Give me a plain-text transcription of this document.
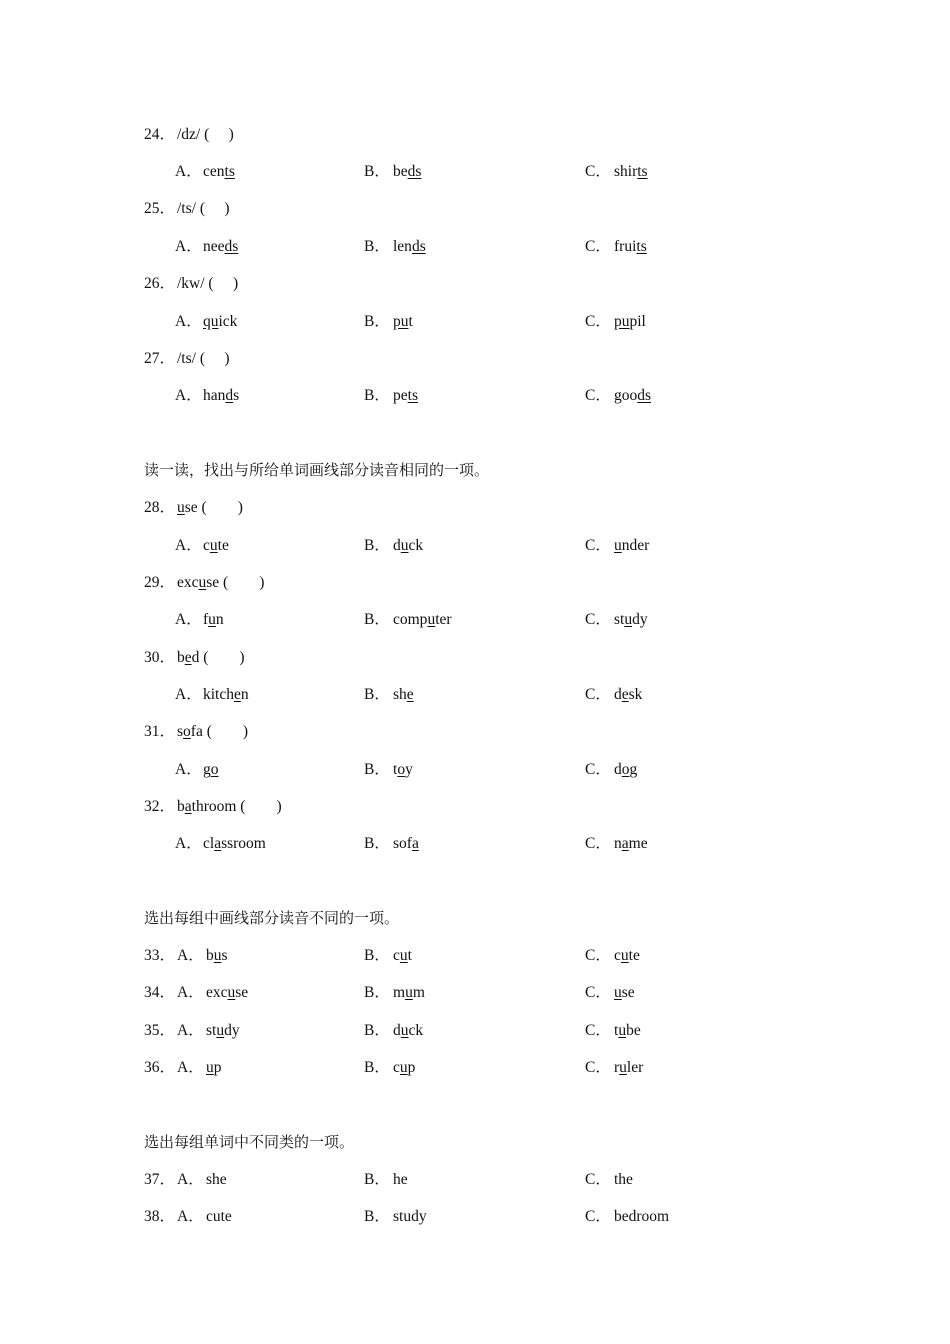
24． /dz/ (　 )
A． cents	B． beds	C． shirts
25． /ts/ (　 )
A． needs	B． lends	C． fruits
26． /kw/ (　 )
A． quick	B． put	C． pupil
27． /ts/ (　 )
A． hands	B． pets	C． goods
读一读，找出与所给单词画线部分读音相同的一项。
28． use (　　)
A． cute	B． duck	C． under
29． excuse (　　)
A． fun	B． computer	C． study
30． bed (　　)
A． kitchen	B． she	C． desk
31． sofa (　　)
A． go	B． toy	C． dog
32． bathroom (　　)
A． classroom	B． sofa	C． name
选出每组中画线部分读音不同的一项。
33． A． bus	B． cut	C． cute
34． A． excuse	B． mum	C． use
35． A． study	B． duck	C． tube
36． A． up	B． cup	C． ruler
选出每组单词中不同类的一项。
37． A． she	B． he	C． the
38． A． cute	B． study	C． bedroom
